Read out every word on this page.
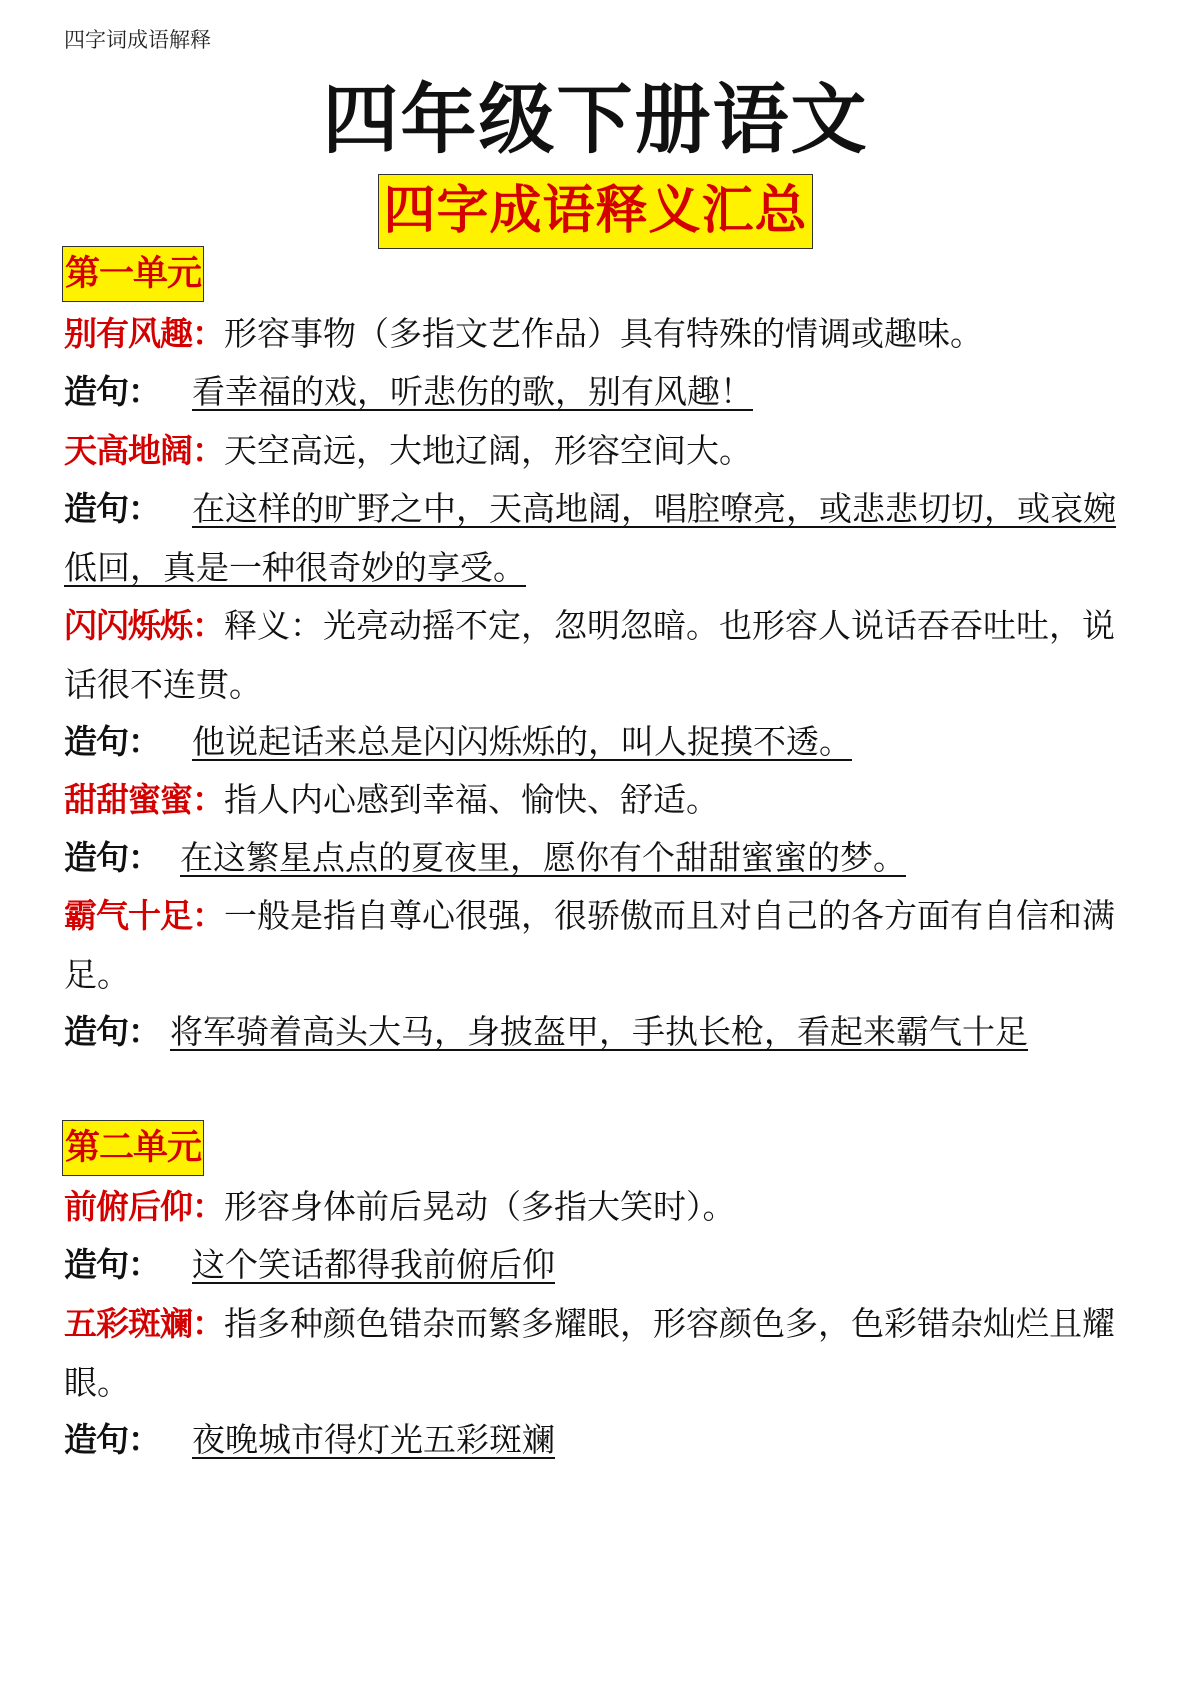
四字词成语解释
四年级下册语文
四字成语释义汇总
第一单元
别有风趣：形容事物（多指文艺作品）具有特殊的情调或趣味。
造句： 看幸福的戏，听悲伤的歌，别有风趣！
天高地阔：天空高远，大地辽阔，形容空间大。
造句： 在这样的旷野之中，天高地阔，唱腔嘹亮，或悲悲切切，或哀婉低回，真是一种很奇妙的享受。
闪闪烁烁：释义：光亮动摇不定，忽明忽暗。也形容人说话吞吞吐吐，说话很不连贯。
造句： 他说起话来总是闪闪烁烁的，叫人捉摸不透。
甜甜蜜蜜：指人内心感到幸福、愉快、舒适。
造句： 在这繁星点点的夏夜里，愿你有个甜甜蜜蜜的梦。
霸气十足：一般是指自尊心很强，很骄傲而且对自己的各方面有自信和满足。
造句： 将军骑着高头大马，身披盔甲，手执长枪，看起来霸气十足
第二单元
前俯后仰：形容身体前后晃动（多指大笑时）。
造句： 这个笑话都得我前俯后仰
五彩斑斓：指多种颜色错杂而繁多耀眼，形容颜色多，色彩错杂灿烂且耀眼。
造句： 夜晚城市得灯光五彩斑斓
